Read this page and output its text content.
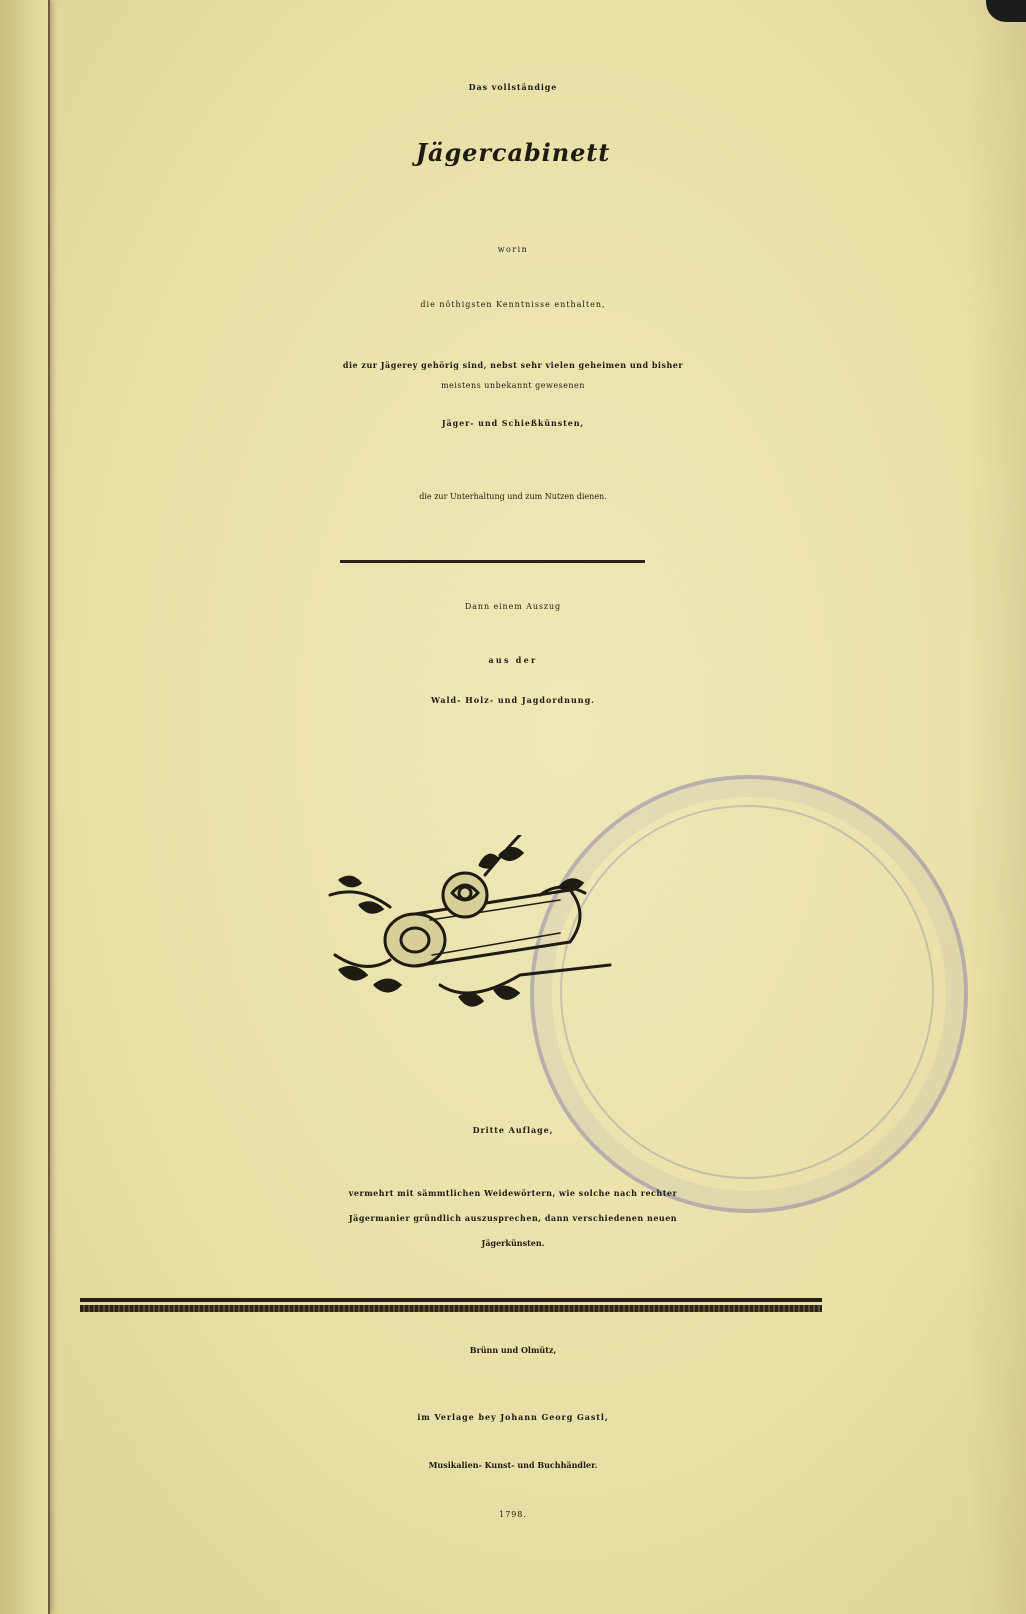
Das vollständige
Jägercabinett
worin
die nöthigsten Kenntnisse enthalten,
die zur Jägerey gehörig sind, nebst sehr vielen geheimen und bisher
meistens unbekannt gewesenen
Jäger- und Schießkünsten,
die zur Unterhaltung und zum Nutzen dienen.
Dann einem Auszug
aus der
Wald- Holz- und Jagdordnung.
Dritte Auflage,
vermehrt mit sämmtlichen Weidewörtern, wie solche nach rechter
Jägermanier gründlich auszusprechen, dann verschiedenen neuen
Jägerkünsten.
Brünn und Olmütz,
im Verlage bey Johann Georg Gastl,
Musikalien- Kunst- und Buchhändler.
1798.
